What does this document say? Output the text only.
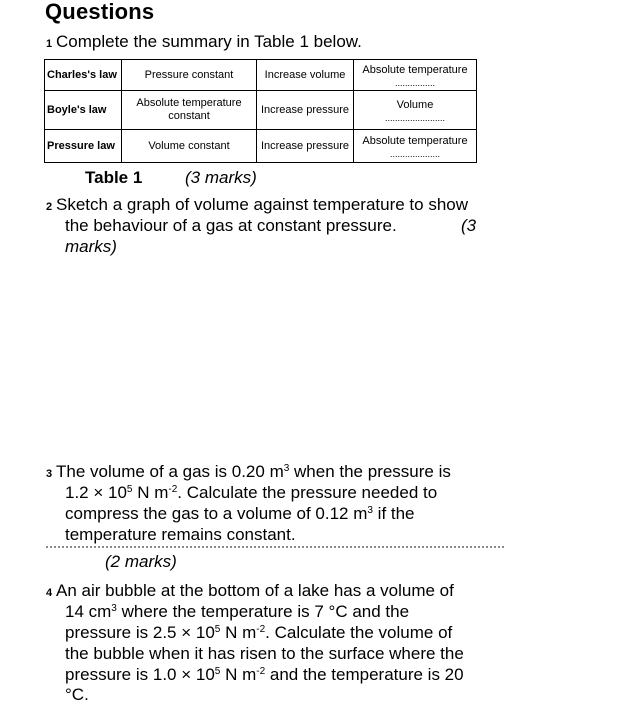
Questions
1 Complete the summary in Table 1 below.
Charles's law	Pressure constant	Increase volume	Absolute temperature
................

Boyle's law	Absolute temperature constant	Increase pressure	Volume
........................

Pressure law	Volume constant	Increase pressure	Absolute temperature
....................
Table 1	(3 marks)
2 Sketch a graph of volume against temperature to show
the behaviour of a gas at constant pressure.	(3
marks)
3 The volume of a gas is 0.20 $m^3$ when the pressure is
$1.2 \times 10^5$ N $m^{-2}$. Calculate the pressure needed to
compress the gas to a volume of 0.12 $m^3$ if the
temperature remains constant.
(2 marks)
4 An air bubble at the bottom of a lake has a volume of
14 $cm^3$ where the temperature is 7 °C and the
pressure is $2.5 \times 10^5$ N $m^{-2}$. Calculate the volume of
the bubble when it has risen to the surface where the
pressure is $1.0 \times 10^5$ N $m^{-2}$ and the temperature is 20
°C.
